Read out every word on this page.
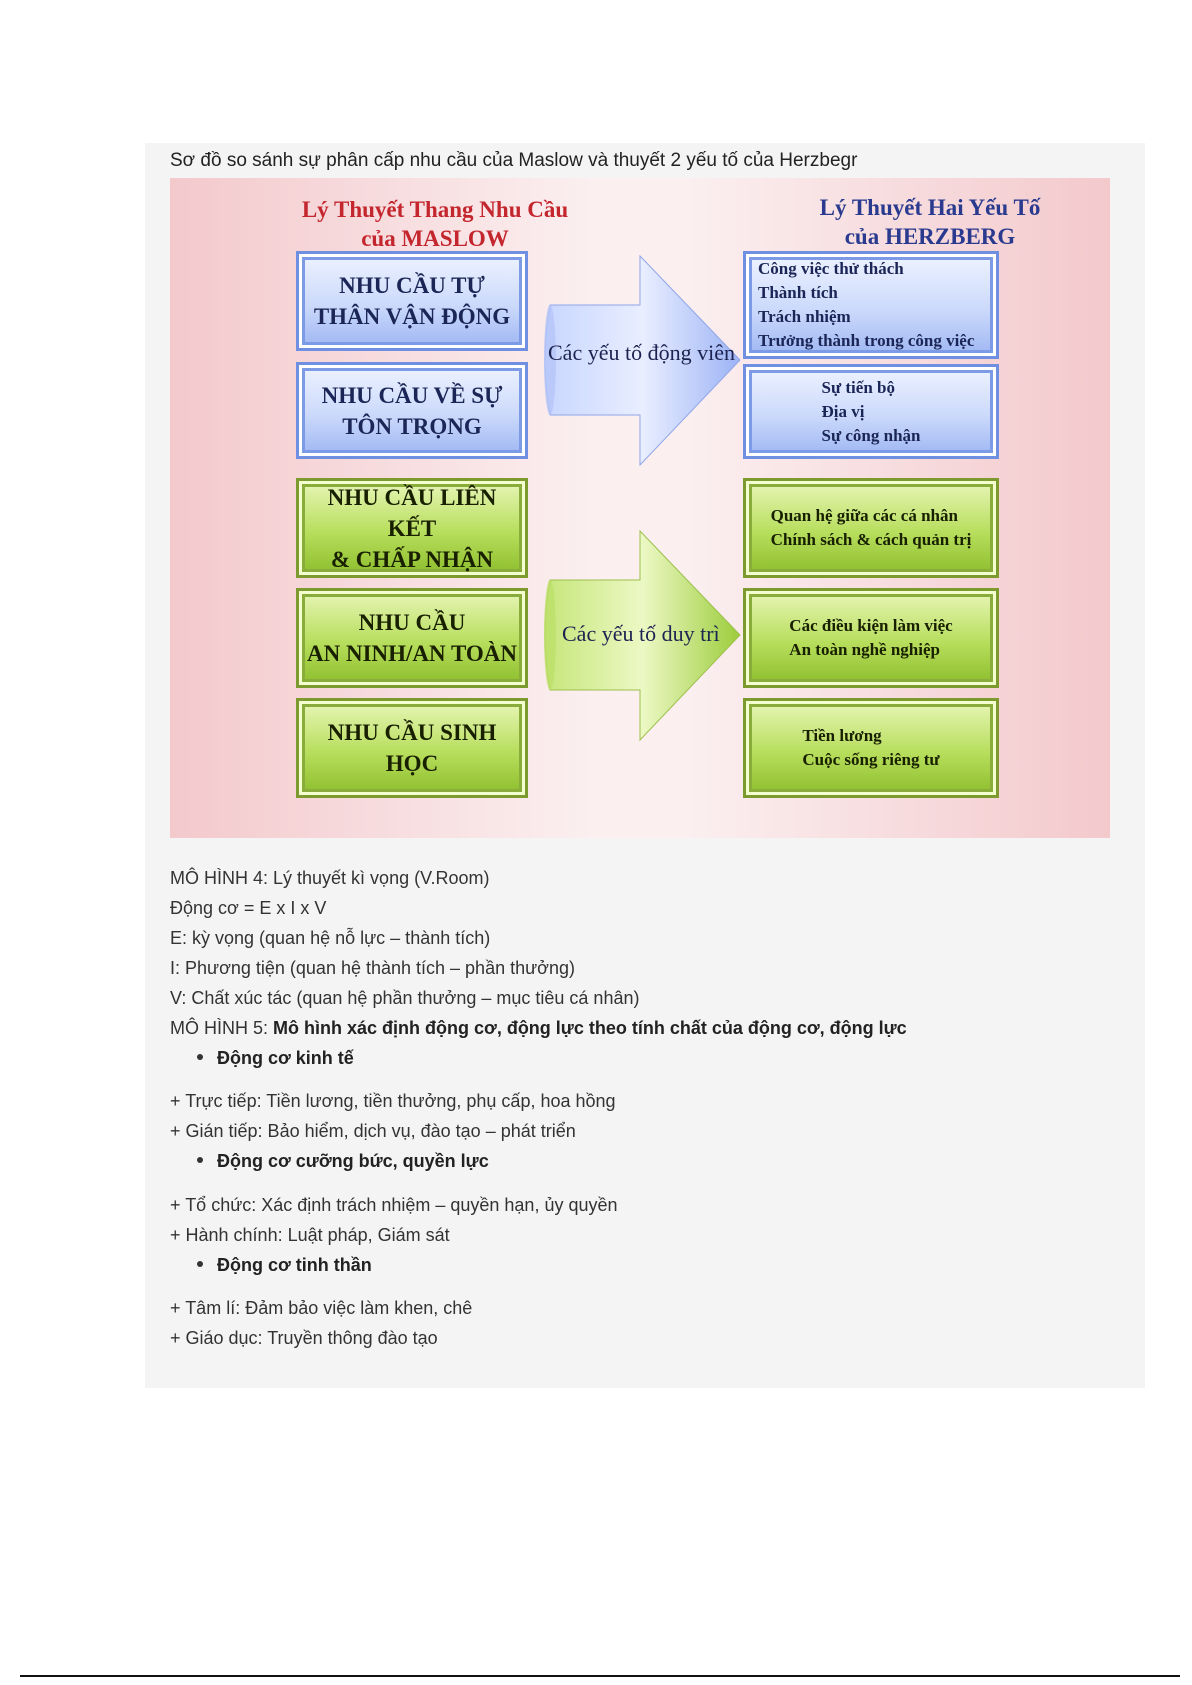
Sơ đồ so sánh sự phân cấp nhu cầu của Maslow và thuyết 2 yếu tố của Herzbegr
Lý Thuyết Thang Nhu Cầu
của MASLOW
Lý Thuyết Hai Yếu Tố
của HERZBERG
NHU CẦU TỰ
THÂN VẬN ĐỘNG
NHU CẦU VỀ SỰ
TÔN TRỌNG
NHU CẦU LIÊN KẾT
& CHẤP NHẬN
NHU CẦU
AN NINH/AN TOÀN
NHU CẦU SINH HỌC
Các yếu tố động viên
Các yếu tố duy trì
Công việc thử thách
Thành tích
Trách nhiệm
Trưởng thành trong công việc
Sự tiến bộ
Địa vị
Sự công nhận
Quan hệ giữa các cá nhân
Chính sách & cách quản trị
Các điều kiện làm việc
An toàn nghề nghiệp
Tiền lương
Cuộc sống riêng tư
MÔ HÌNH 4: Lý thuyết kì vọng (V.Room)
Động cơ = E x I x V
E: kỳ vọng (quan hệ nỗ lực – thành tích)
I: Phương tiện (quan hệ thành tích – phần thưởng)
V: Chất xúc tác (quan hệ phần thưởng – mục tiêu cá nhân)
MÔ HÌNH 5: Mô hình xác định động cơ, động lực theo tính chất của động cơ, động lực
Động cơ kinh tế
+ Trực tiếp: Tiền lương, tiền thưởng, phụ cấp, hoa hồng
+ Gián tiếp: Bảo hiểm, dịch vụ, đào tạo – phát triển
Động cơ cưỡng bức, quyền lực
+ Tổ chức: Xác định trách nhiệm – quyền hạn, ủy quyền
+ Hành chính: Luật pháp, Giám sát
Động cơ tinh thần
+ Tâm lí: Đảm bảo việc làm khen, chê
+ Giáo dục: Truyền thông đào tạo
